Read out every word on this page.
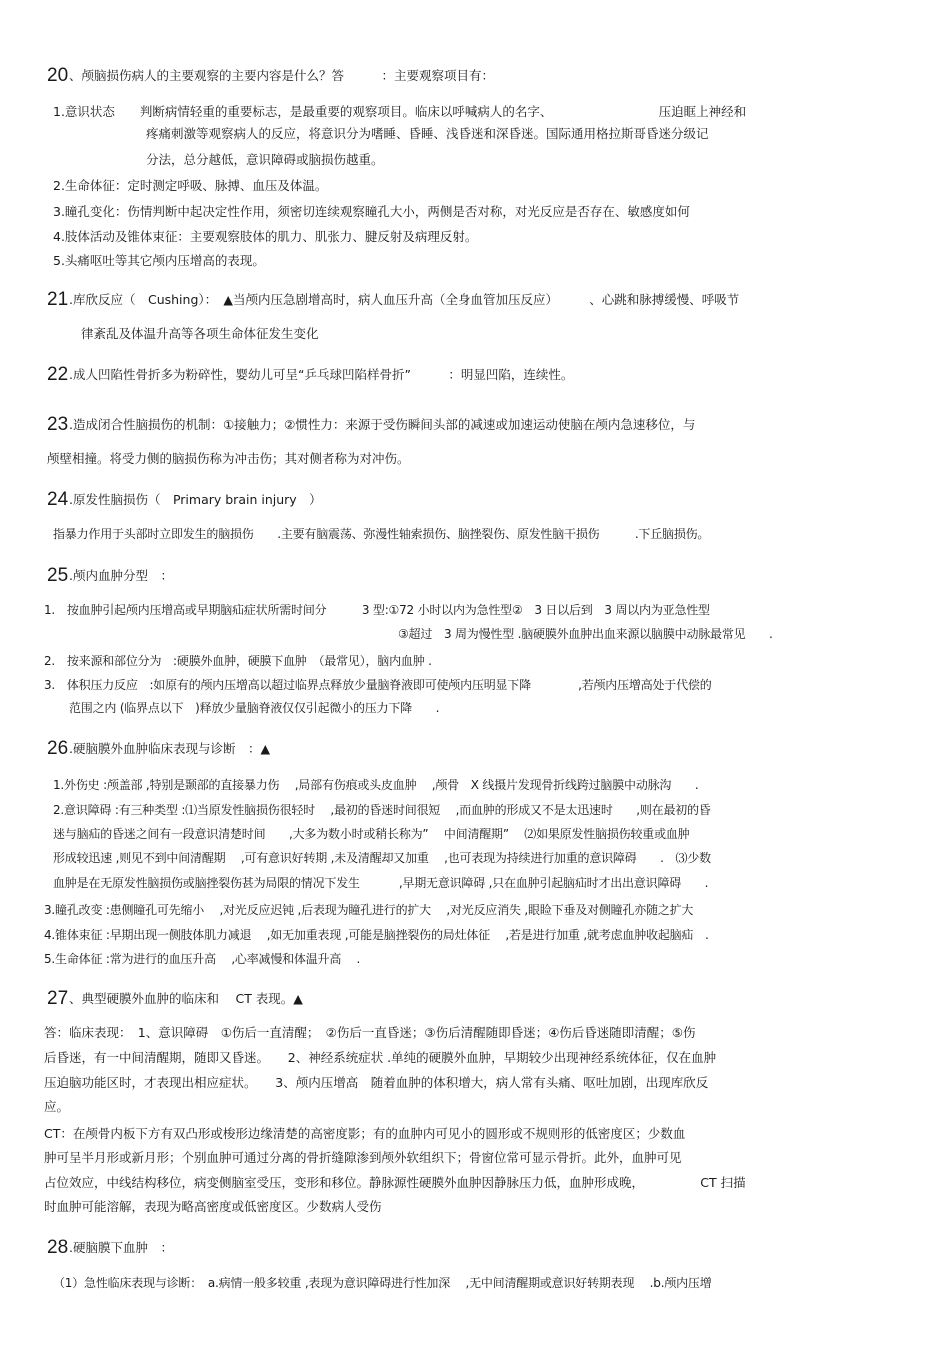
20 、颅脑损伤病人的主要观察的主要内容是什么？答　　　：主要观察项目有：
1.意识状态　　判断病情轻重的重要标志，是最重要的观察项目。临床以呼喊病人的名字、　　　　　　　　　压迫眶上神经和
疼痛刺激等观察病人的反应，将意识分为嗜睡、昏睡、浅昏迷和深昏迷。国际通用格拉斯哥昏迷分级记
分法，总分越低，意识障碍或脑损伤越重。
2.生命体征：定时测定呼吸、脉搏、血压及体温。
3.瞳孔变化：伤情判断中起决定性作用，须密切连续观察瞳孔大小，两侧是否对称，对光反应是否存在、敏感度如何
4.肢体活动及锥体束征：主要观察肢体的肌力、肌张力、腱反射及病理反射。
5.头痛呕吐等其它颅内压增高的表现。
21 .库欣反应（　Cushing）：　▲当颅内压急剧增高时，病人血压升高（全身血管加压反应）　　　、心跳和脉搏缓慢、呼吸节
律紊乱及体温升高等各项生命体征发生变化
22 .成人凹陷性骨折多为粉碎性，婴幼儿可呈“乒乓球凹陷样骨折”　　　：明显凹陷，连续性。
23 .造成闭合性脑损伤的机制：①接触力；②惯性力：来源于受伤瞬间头部的减速或加速运动使脑在颅内急速移位，与
颅壁相撞。将受力侧的脑损伤称为冲击伤；其对侧者称为对冲伤。
24 .原发性脑损伤（　Primary brain injury　）
指暴力作用于头部时立即发生的脑损伤　　.主要有脑震荡、弥漫性轴索损伤、脑挫裂伤、原发性脑干损伤　　　.下丘脑损伤。
25 .颅内血肿分型　：
1.　按血肿引起颅内压增高或早期脑疝症状所需时间分　　　3 型:①72 小时以内为急性型②　3 日以后到　3 周以内为亚急性型
③超过　3 周为慢性型 .脑硬膜外血肿出血来源以脑膜中动脉最常见　　.
2.　按来源和部位分为　:硬膜外血肿，硬膜下血肿　（最常见），脑内血肿 .
3.　体积压力反应　:如原有的颅内压增高以超过临界点释放少量脑脊液即可使颅内压明显下降　　　　,若颅内压增高处于代偿的
范围之内 (临界点以下　)释放少量脑脊液仅仅引起微小的压力下降　　.
26 .硬脑膜外血肿临床表现与诊断　：▲
1.外伤史 :颅盖部 ,特别是颞部的直接暴力伤　 ,局部有伤痕或头皮血肿　 ,颅骨　X 线摄片发现骨折线跨过脑膜中动脉沟　　.
2.意识障碍 :有三种类型 :⑴当原发性脑损伤很轻时　 ,最初的昏迷时间很短　 ,而血肿的形成又不是太迅速时　　,则在最初的昏
迷与脑疝的昏迷之间有一段意识清楚时间　　,大多为数小时或稍长称为”　 中间清醒期”　 ⑵如果原发性脑损伤较重或血肿
形成较迅速 ,则见不到中间清醒期　 ,可有意识好转期 ,未及清醒却又加重　 ,也可表现为持续进行加重的意识障碍　　.　⑶少数
血肿是在无原发性脑损伤或脑挫裂伤甚为局限的情况下发生　　　 ,早期无意识障碍 ,只在血肿引起脑疝时才出出意识障碍　　.
3.瞳孔改变 :患侧瞳孔可先缩小　 ,对光反应迟钝 ,后表现为瞳孔进行的扩大　 ,对光反应消失 ,眼睑下垂及对侧瞳孔亦随之扩大
4.锥体束征 :早期出现一侧肢体肌力减退　 ,如无加重表现 ,可能是脑挫裂伤的局灶体征　 ,若是进行加重 ,就考虑血肿收起脑疝　.
5.生命体征 :常为进行的血压升高　 ,心率减慢和体温升高　 .
27 、典型硬膜外血肿的临床和　 CT 表现。▲
答：临床表现：　1、意识障碍　①伤后一直清醒；　②伤后一直昏迷；③伤后清醒随即昏迷；④伤后昏迷随即清醒；⑤伤
后昏迷，有一中间清醒期，随即又昏迷。　　2、神经系统症状 .单纯的硬膜外血肿，早期较少出现神经系统体征，仅在血肿
压迫脑功能区时，才表现出相应症状。　　3、颅内压增高　随着血肿的体积增大，病人常有头痛、呕吐加剧，出现库欣反
应。
CT：在颅骨内板下方有双凸形或梭形边缘清楚的高密度影；有的血肿内可见小的圆形或不规则形的低密度区；少数血
肿可呈半月形或新月形；个别血肿可通过分离的骨折缝隙渗到颅外软组织下；骨窗位常可显示骨折。此外，血肿可见
占位效应，中线结构移位，病变侧脑室受压，变形和移位。静脉源性硬膜外血肿因静脉压力低，血肿形成晚，　　　　　CT 扫描
时血肿可能溶解，表现为略高密度或低密度区。少数病人受伤
28 .硬脑膜下血肿　：
（1）急性临床表现与诊断：　a.病情一般多较重 ,表现为意识障碍进行性加深　 ,无中间清醒期或意识好转期表现　 .b.颅内压增
